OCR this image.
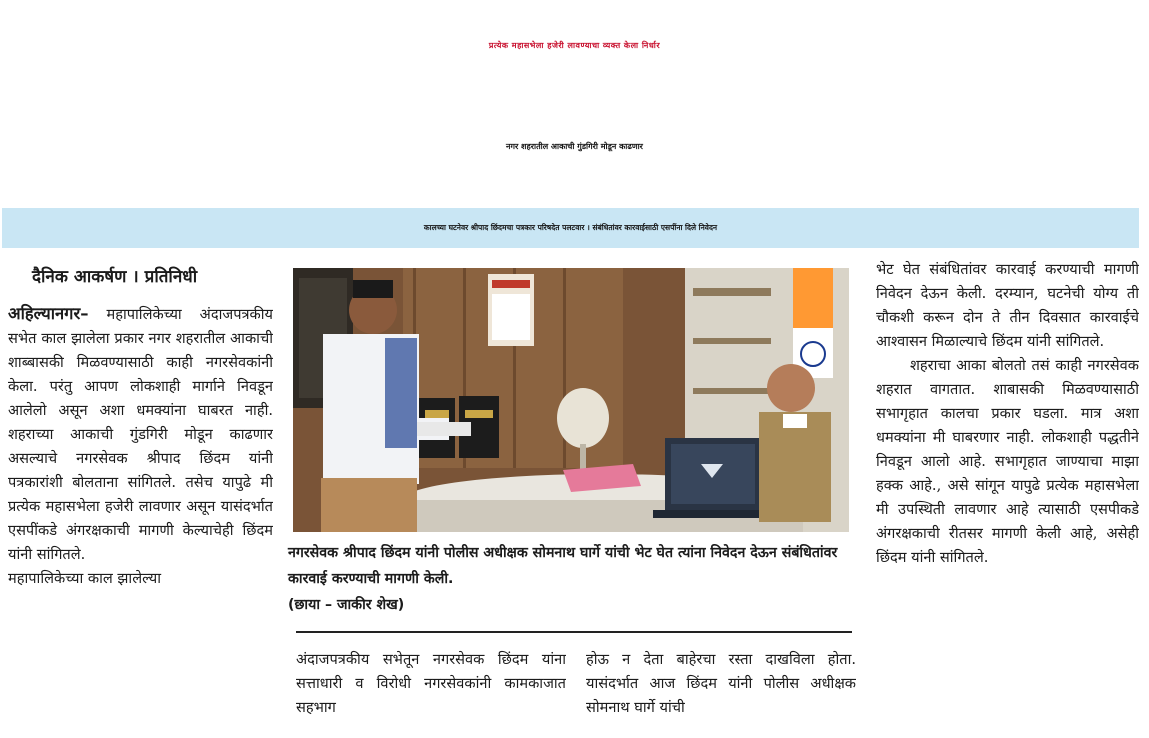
प्रत्येक महासभेला हजेरी लावण्याचा व्यक्त केला निर्धार
नगर शहरातील आकाची गुंडगिरी मोडून काढणार
कालच्या घटनेवर श्रीपाद छिंदमचा पत्रकार परिषदेत पलटवार । संबंधितांवर कारवाईसाठी एसपींना दिले निवेदन
दैनिक आकर्षण । प्रतिनिधी

अहिल्यानगर– महापालिकेच्या अंदाजपत्रकीय सभेत काल झालेला प्रकार नगर शहरातील आकाची शाब्बासकी मिळवण्यासाठी काही नगरसेवकांनी केला. परंतु आपण लोकशाही मार्गाने निवडून आलेलो असून अशा धमक्यांना घाबरत नाही. शहराच्या आकाची गुंडगिरी मोडून काढणार असल्याचे नगरसेवक श्रीपाद छिंदम यांनी पत्रकारांशी बोलताना सांगितले. तसेच यापुढे मी प्रत्येक महासभेला हजेरी लावणार असून यासंदर्भात एसपींकडे अंगरक्षकाची मागणी केल्याचेही छिंदम यांनी सांगितले.

महापालिकेच्या काल झालेल्या

नगरसेवक श्रीपाद छिंदम यांनी पोलीस अधीक्षक सोमनाथ घार्गे यांची भेट घेत त्यांना निवेदन देऊन संबंधितांवर कारवाई करण्याची मागणी केली.
(छाया – जाकीर शेख)

अंदाजपत्रकीय सभेतून नगरसेवक छिंदम यांना सत्ताधारी व विरोधी नगरसेवकांनी कामकाजात सहभाग

होऊ न देता बाहेरचा रस्ता दाखविला होता. यासंदर्भात आज छिंदम यांनी पोलीस अधीक्षक सोमनाथ घार्गे यांची

भेट घेत संबंधितांवर कारवाई करण्याची मागणी निवेदन देऊन केली. दरम्यान, घटनेची योग्य ती चौकशी करून दोन ते तीन दिवसात कारवाईचे आश्वासन मिळाल्याचे छिंदम यांनी सांगितले.

शहराचा आका बोलतो तसं काही नगरसेवक शहरात वागतात. शाबासकी मिळवण्यासाठी सभागृहात कालचा प्रकार घडला. मात्र अशा धमक्यांना मी घाबरणार नाही. लोकशाही पद्धतीने निवडून आलो आहे. सभागृहात जाण्याचा माझा हक्क आहे., असे सांगून यापुढे प्रत्येक महासभेला मी उपस्थिती लावणार आहे त्यासाठी एसपीकडे अंगरक्षकाची रीतसर मागणी केली आहे, असेही छिंदम यांनी सांगितले.
